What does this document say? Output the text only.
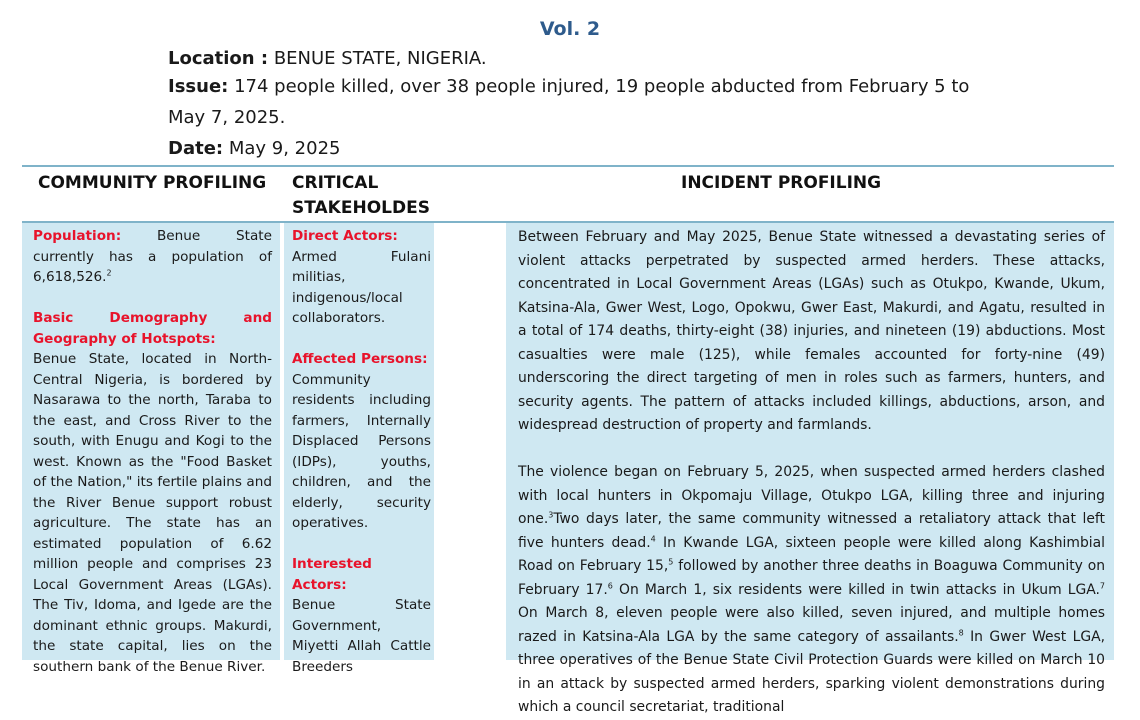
Vol. 2
Location : BENUE STATE, NIGERIA.
Issue: 174 people killed, over 38 people injured, 19 people abducted from February 5 to
May 7, 2025.
Date: May 9, 2025
COMMUNITY PROFILING CRITICAL STAKEHOLDES
INCIDENT PROFILING

Population:	Benue State currently has a population of 6,618,526.$^2$

Basic Demography and Geography of Hotspots:

Benue State, located in North-Central Nigeria, is bordered by Nasarawa to the north, Taraba to the east, and Cross River to the south, with Enugu and Kogi to the west. Known as the "Food Basket of the Nation," its fertile plains and the River Benue support robust agriculture. The state has an estimated population of 6.62 million people and comprises 23 Local Government Areas (LGAs). The Tiv, Idoma, and Igede are the dominant ethnic groups. Makurdi, the state capital, lies on the southern bank of the Benue River.

Direct Actors:

Armed Fulani militias, indigenous/local collaborators.

Affected Persons:

Community residents including farmers, Internally Displaced Persons (IDPs), youths, children, and the elderly, security operatives.

Interested Actors:

Benue State Government, Miyetti Allah Cattle Breeders

Between February and May 2025, Benue State witnessed a devastating series of violent attacks perpetrated by suspected armed herders. These attacks, concentrated in Local Government Areas (LGAs) such as Otukpo, Kwande, Ukum, Katsina-Ala, Gwer West, Logo, Opokwu, Gwer East, Makurdi, and Agatu, resulted in a total of 174 deaths, thirty-eight (38) injuries, and nineteen (19) abductions. Most casualties were male (125), while females accounted for forty-nine (49) underscoring the direct targeting of men in roles such as farmers, hunters, and security agents. The pattern of attacks included killings, abductions, arson, and widespread destruction of property and farmlands.

The violence began on February 5, 2025, when suspected armed herders clashed with local hunters in Okpomaju Village, Otukpo LGA, killing three and injuring one.$^3$Two days later, the same community witnessed a retaliatory attack that left five hunters dead.$^4$ In Kwande LGA, sixteen people were killed along Kashimbial Road on February 15,$^5$ followed by another three deaths in Boaguwa Community on February 17.$^6$ On March 1, six residents were killed in twin attacks in Ukum LGA.$^7$ On March 8, eleven people were also killed, seven injured, and multiple homes razed in Katsina-Ala LGA by the same category of assailants.$^8$ In Gwer West LGA, three operatives of the Benue State Civil Protection Guards were killed on March 10 in an attack by suspected armed herders, sparking violent demonstrations during which a council secretariat, traditional
